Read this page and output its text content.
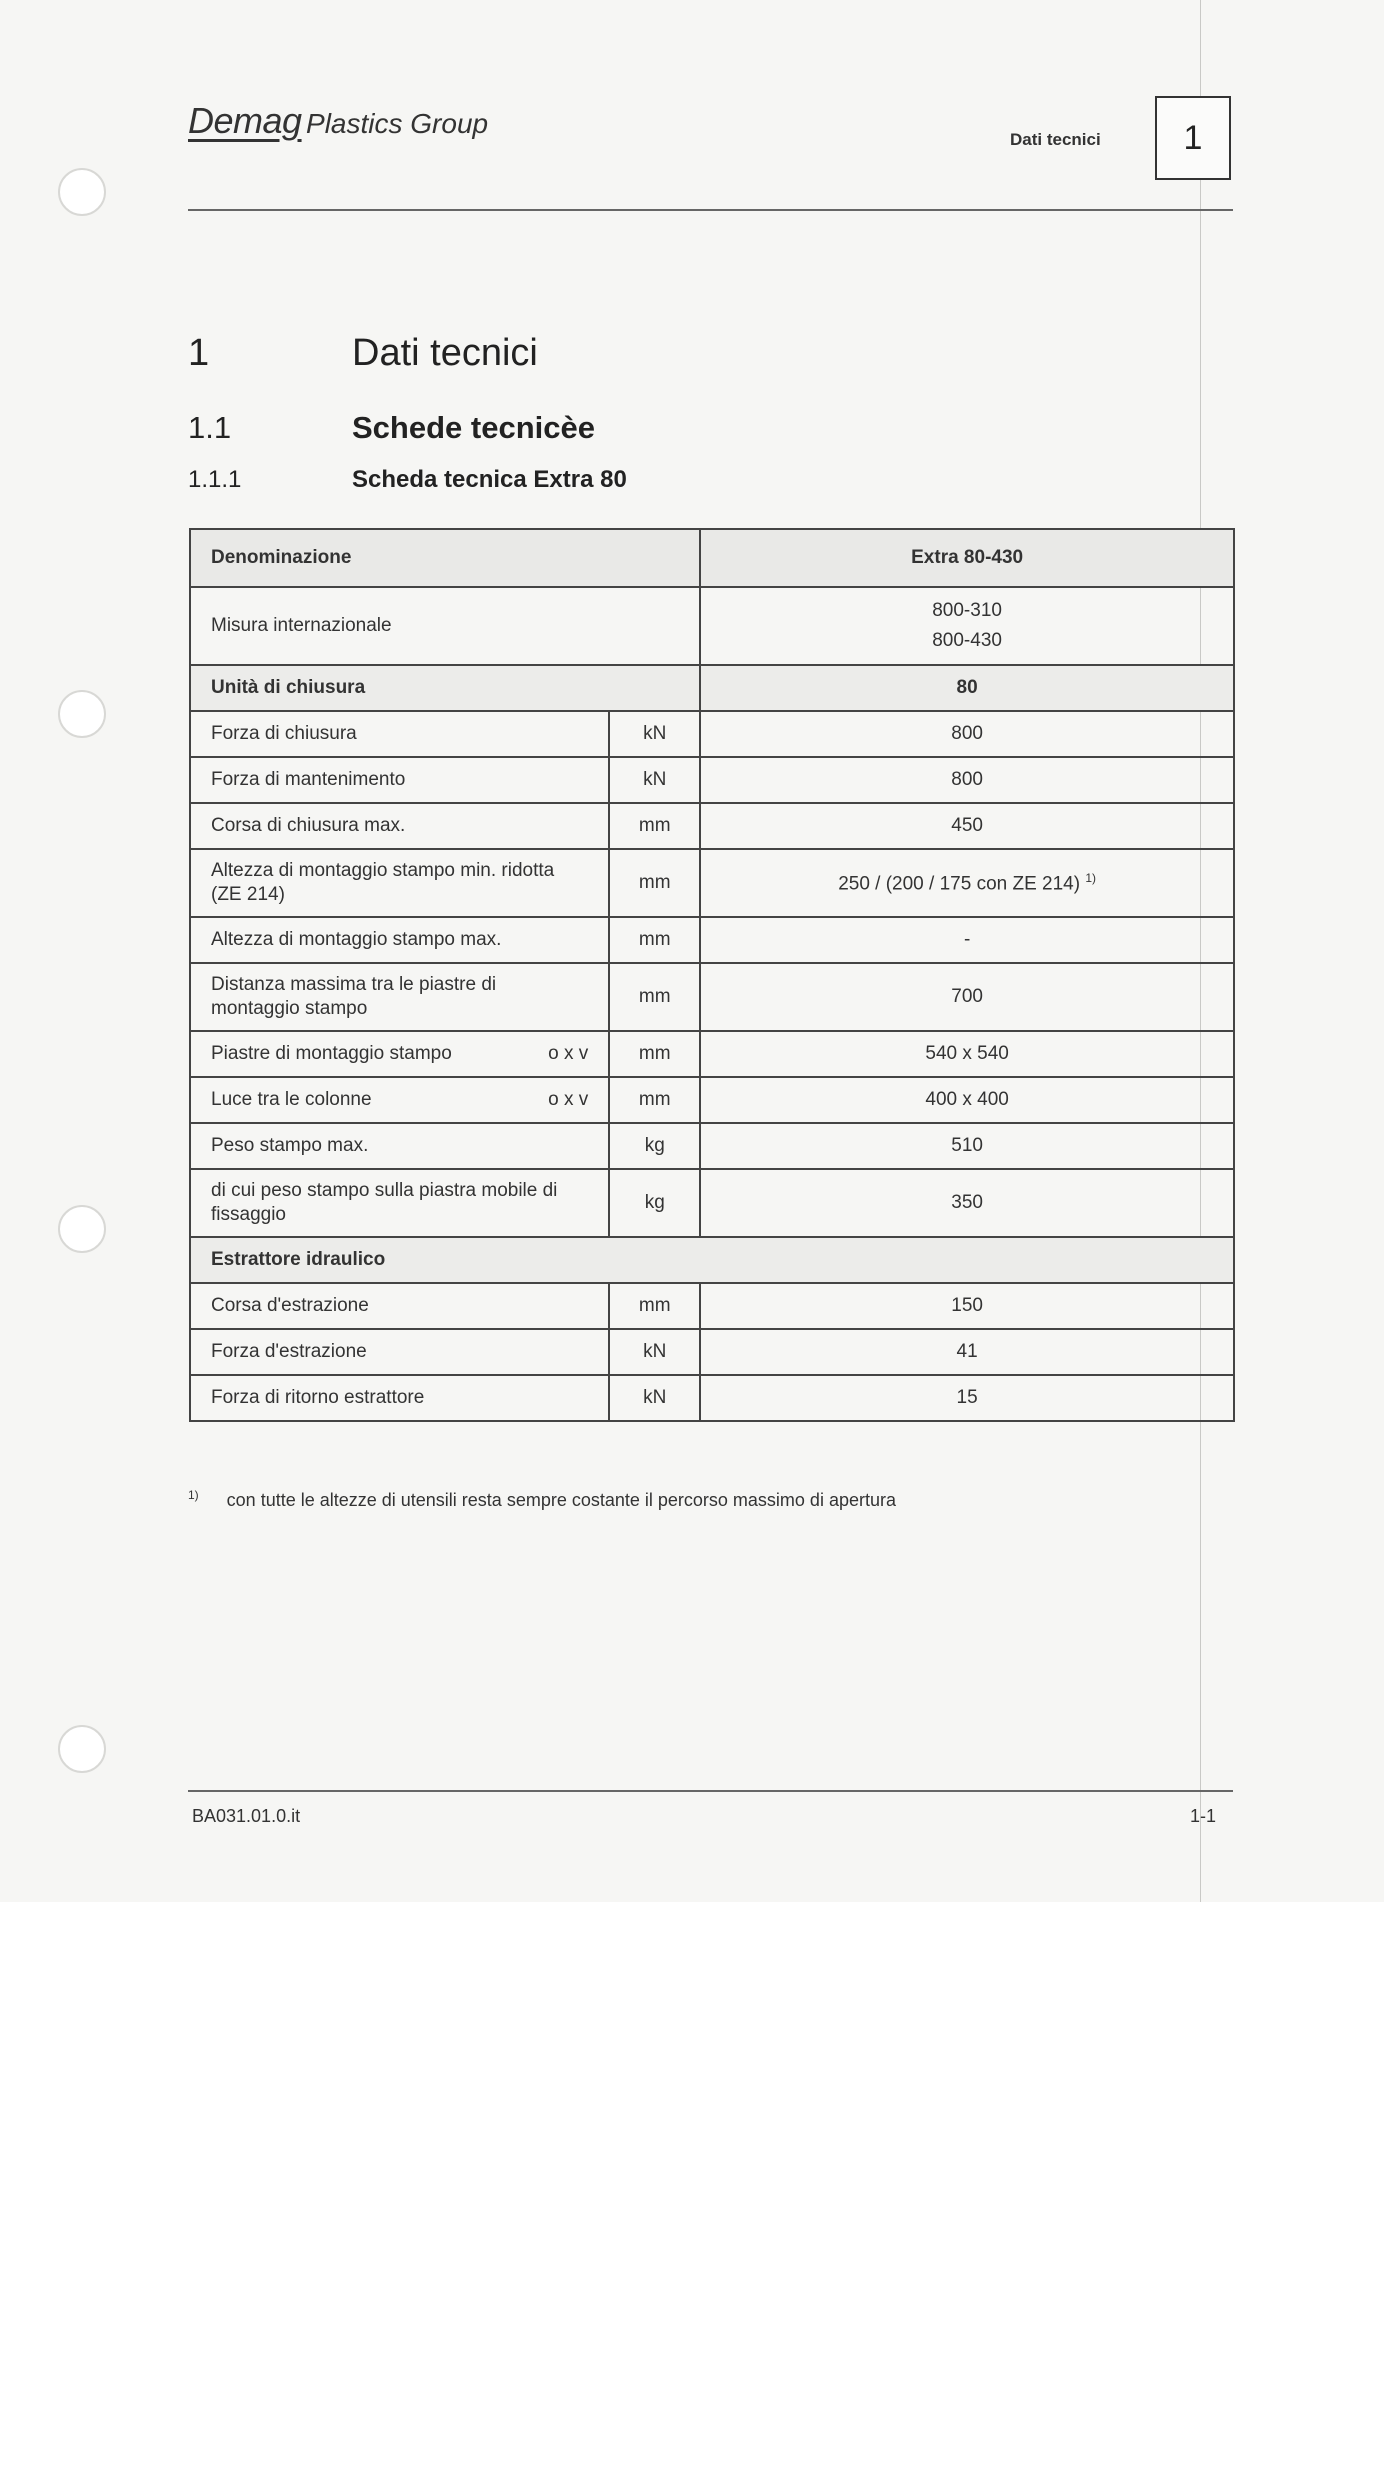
Demag Plastics Group
Dati tecnici	1
1	Dati tecnici
1.1	Schede tecnicèe
1.1.1	Scheda tecnica Extra 80
Denominazione		Extra 80-430
Misura internazionale		800-310
800-430

Unità di chiusura		80
Forza di chiusura	kN	800
Forza di mantenimento	kN	800
Corsa di chiusura max.	mm	450
Altezza di montaggio stampo min. ridotta (ZE 214)	mm	250 / (200 / 175 con ZE 214) $^{1)}$
Altezza di montaggio stampo max.	mm	-
Distanza massima tra le piastre di montaggio stampo	mm	700

Piastre di montaggio stampo o x v	mm	540 x 540

Luce tra le colonne o x v	mm	400 x 400
Peso stampo max.	kg	510
di cui peso stampo sulla piastra mobile di fissaggio	kg	350
Estrattore idraulico		
Corsa d'estrazione	mm	150
Forza d'estrazione	kN	41
Forza di ritorno estrattore	kN	15
$^{1)}$ con tutte le altezze di utensili resta sempre costante il percorso massimo di apertura
BA031.01.0.it	1-1
